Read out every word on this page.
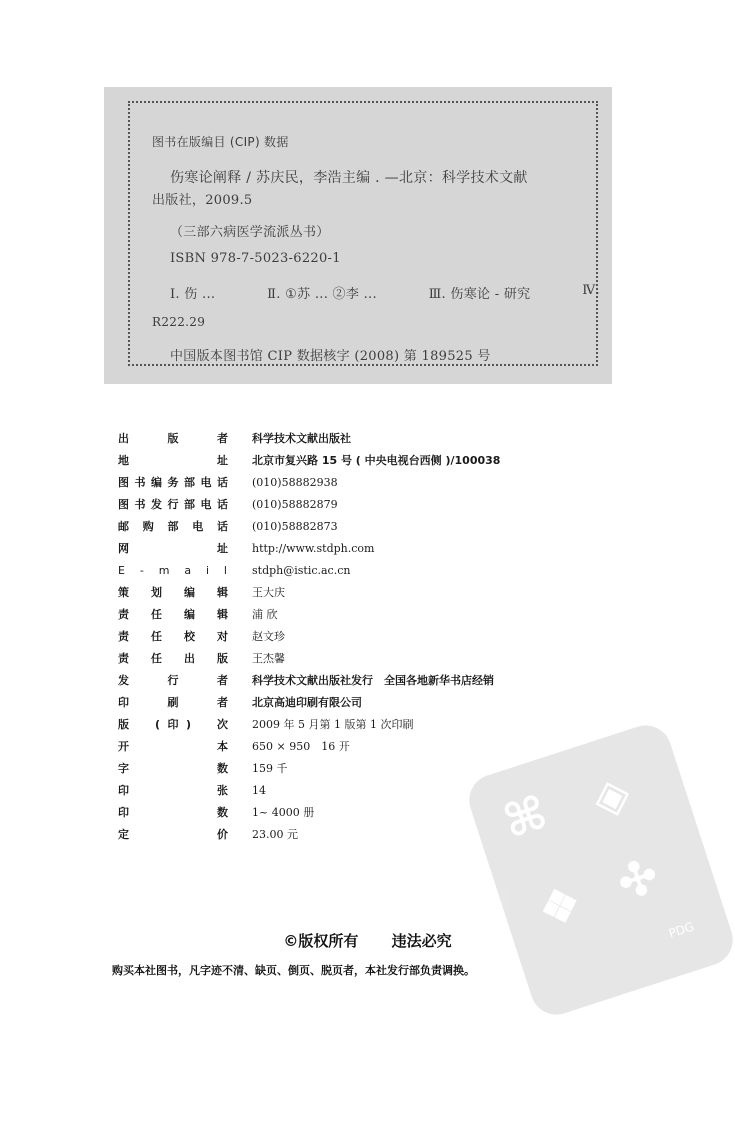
图书在版编目 (CIP) 数据
伤寒论阐释 / 苏庆民，李浩主编 . —北京：科学技术文献
出版社，2009.5
（三部六病医学流派丛书）
ISBN 978-7-5023-6220-1
Ⅰ. 伤 ...	Ⅱ. ①苏 ... ②李 ...	Ⅲ. 伤寒论 - 研究	Ⅳ.
R222.29
中国版本图书馆 CIP 数据核字 (2008) 第 189525 号
⌘ ◈
❖ ✣
PDG
出　版　者 科学技术文献出版社
地　　　址 北京市复兴路 15 号 ( 中央电视台西侧 )/100038
图书编务部电话 (010)58882938
图书发行部电话 (010)58882879
邮购部电话 (010)58882873
网　　　址 http://www.stdph.com
E - m a i l stdph@istic.ac.cn
策划编辑 王大庆
责任编辑 浦 欣
责任校对 赵文珍
责任出版 王杰馨
发　行　者 科学技术文献出版社发行　全国各地新华书店经销
印　刷　者 北京高迪印刷有限公司
版　(印)　次 2009 年 5 月第 1 版第 1 次印刷
开　　　本 650 × 950　16 开
字　　　数 159 千
印　　　张 14
印　　　数 1~ 4000 册
定　　　价 23.00 元
©版权所有 违法必究
购买本社图书，凡字迹不清、缺页、倒页、脱页者，本社发行部负责调换。
